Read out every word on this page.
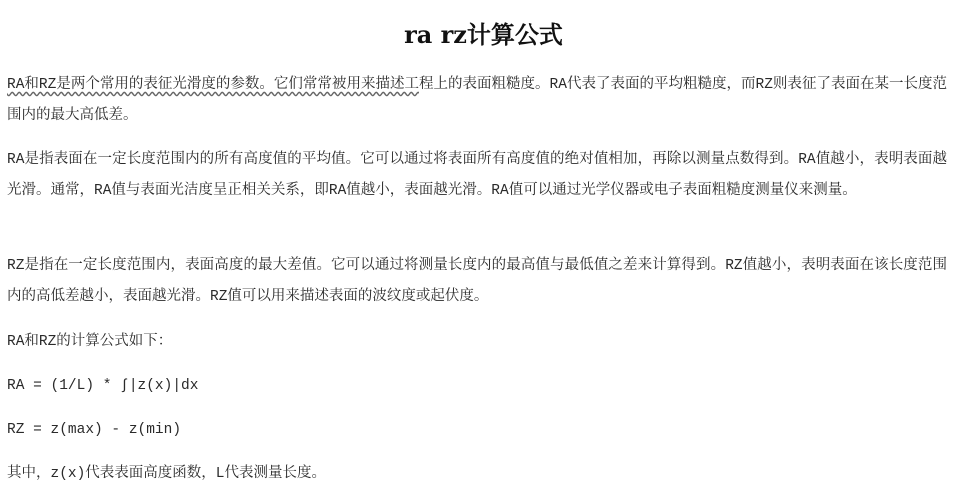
ra rz计算公式

RA和RZ是两个常用的表征光滑度的参数。它们常常被用来描述工程上的表面粗糙度。RA代表了表面的平均粗糙度，而RZ则表征了表面在某一长度范围内的最大高低差。

RA是指表面在一定长度范围内的所有高度值的平均值。它可以通过将表面所有高度值的绝对值相加，再除以测量点数得到。RA值越小，表明表面越光滑。通常，RA值与表面光洁度呈正相关关系，即RA值越小，表面越光滑。RA值可以通过光学仪器或电子表面粗糙度测量仪来测量。

RZ是指在一定长度范围内，表面高度的最大差值。它可以通过将测量长度内的最高值与最低值之差来计算得到。RZ值越小，表明表面在该长度范围内的高低差越小，表面越光滑。RZ值可以用来描述表面的波纹度或起伏度。

RA和RZ的计算公式如下：

RA = (1/L) * ∫|z(x)|dx

RZ = z(max) - z(min)

其中，z(x)代表表面高度函数，L代表测量长度。
